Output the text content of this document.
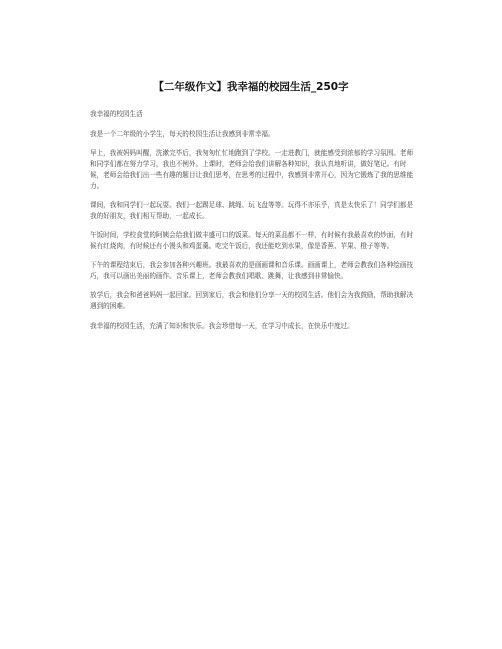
【二年级作文】我幸福的校园生活_250字

我幸福的校园生活

我是一个二年级的小学生，每天的校园生活让我感到非常幸福。

早上，我被妈妈叫醒，洗漱完毕后，我匆匆忙忙地跑到了学校。一走进教门，就能感受到浓郁的学习氛围。老师和同学们都在努力学习，我也不例外。上课时，老师会给我们讲解各种知识，我认真地听讲，做好笔记。有时候，老师会给我们出一些有趣的题目让我们思考，在思考的过程中，我感到非常开心，因为它锻炼了我的思维能力。

课间，我和同学们一起玩耍。我们一起踢足球、跳绳、玩飞盘等等。玩得不亦乐乎，真是太快乐了！同学们都是我的好朋友，我们相互帮助，一起成长。

午饭时间，学校食堂的阿姨会给我们做丰盛可口的饭菜。每天的菜品都不一样，有时候有我最喜欢的炒面，有时候有红烧肉，有时候还有小馒头和鸡蛋羹。吃完午饭后，我还能吃到水果，像是香蕉、苹果、橙子等等。

下午的课程结束后，我会参加各种兴趣班。我最喜欢的是画画课和音乐课。画画课上，老师会教我们各种绘画技巧，我可以画出美丽的画作。音乐课上，老师会教我们唱歌、跳舞，让我感到非常愉快。

放学后，我会和爸爸妈妈一起回家。回到家后，我会和他们分享一天的校园生活。他们会为我鼓励，帮助我解决遇到的困难。

我幸福的校园生活，充满了知识和快乐。我会珍惜每一天，在学习中成长，在快乐中度过。
